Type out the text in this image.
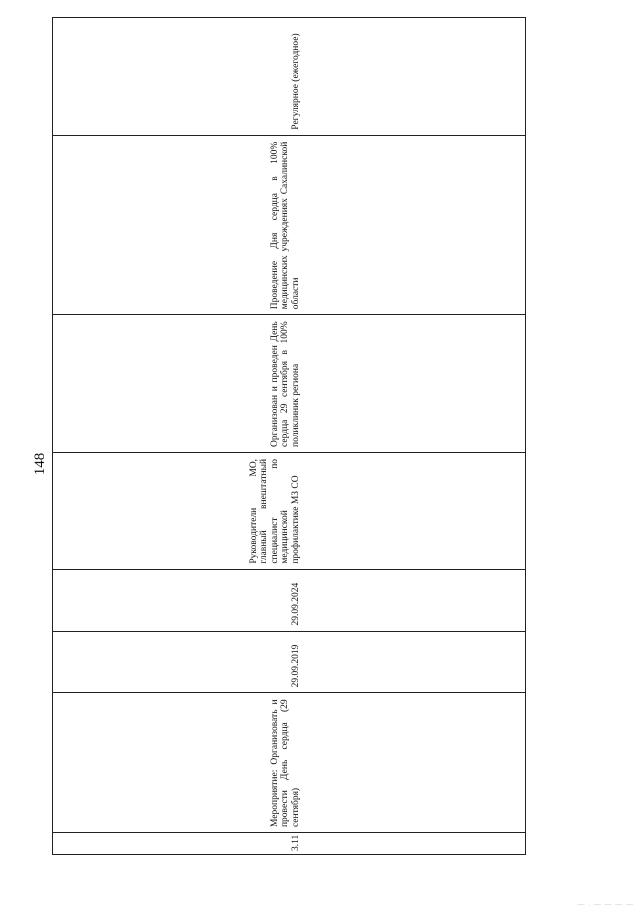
148
3.11
Мероприятие: Организовать и провести День сердца (29 сентября)
29.09.2019
29.09.2024
Руководители МО, главный внештатный специалист по медицинской профилактике МЗ СО
Организован и проведен День сердца 29 сентября в 100% поликлиник региона
Проведение Дня сердца в 100% медицинских учреждениях Сахалинской области
Регулярное (ежегодное)
— . — — — —
